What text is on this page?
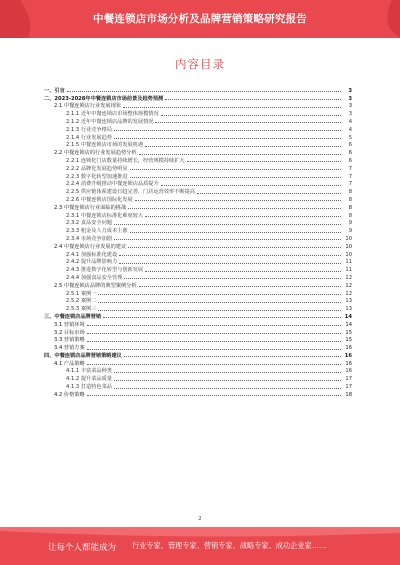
中餐连锁店市场分析及品牌营销策略研究报告
内容目录
一、引言	3
二、2023-2028年中餐连锁店市场前景及趋势预测	3
2.1 中餐连锁店行业发展现状	3
2.1.1 近年中餐连锁店市场整体规模情况	3
2.1.2 近年中餐连锁店品牌的发展情况	4
2.1.3 行业竞争格局	4
2.1.4 行业发展趋势	5
2.1.5 中餐连锁店市场的发展机遇	6
2.2 中餐连锁店的行业发展趋势分析	6
2.2.1 连锁化门店数量持续增长，经营规模持续扩大	6
2.2.2 品牌化发展趋势明显	7
2.2.3 数字化转型加速推进	7
2.2.4 消费升级推动中餐连锁店品质提升	7
2.2.5 供应链体系建设日趋完善，门店运营效率不断提高	8
2.2.6 中餐连锁店国际化发展	8
2.3 中餐连锁店行业面临的挑战	8
2.3.1 中餐连锁店标准化难度较大	8
2.3.2 食品安全问题	9
2.3.3 租金及人力成本上涨	9
2.3.4 市场竞争加剧	10
2.4 中餐连锁店行业发展的建议	10
2.4.1 加强标准化建设	10
2.4.2 提升品牌影响力	11
2.4.3 推进数字化转型与创新发展	11
2.4.4 加强食品安全管理	12
2.5 中餐连锁店品牌的典型案例分析	12
2.5.1 案例一	12
2.5.2 案例二	13
2.5.3 案例三	13
三、中餐连锁店品牌营销	14
3.1 营销环境	14
3.2 目标市场	15
3.3 营销策略	15
3.4 营销方案	16
四、中餐连锁店品牌营销策略建议	16
4.1 产品策略	16
4.1.1 丰富菜品种类	16
4.1.2 提升菜品质量	17
4.1.3 打造特色菜品	17
4.2 价格策略	18
2
让每个人都能成为 行业专家、管理专家、营销专家、战略专家、成功企业家……
